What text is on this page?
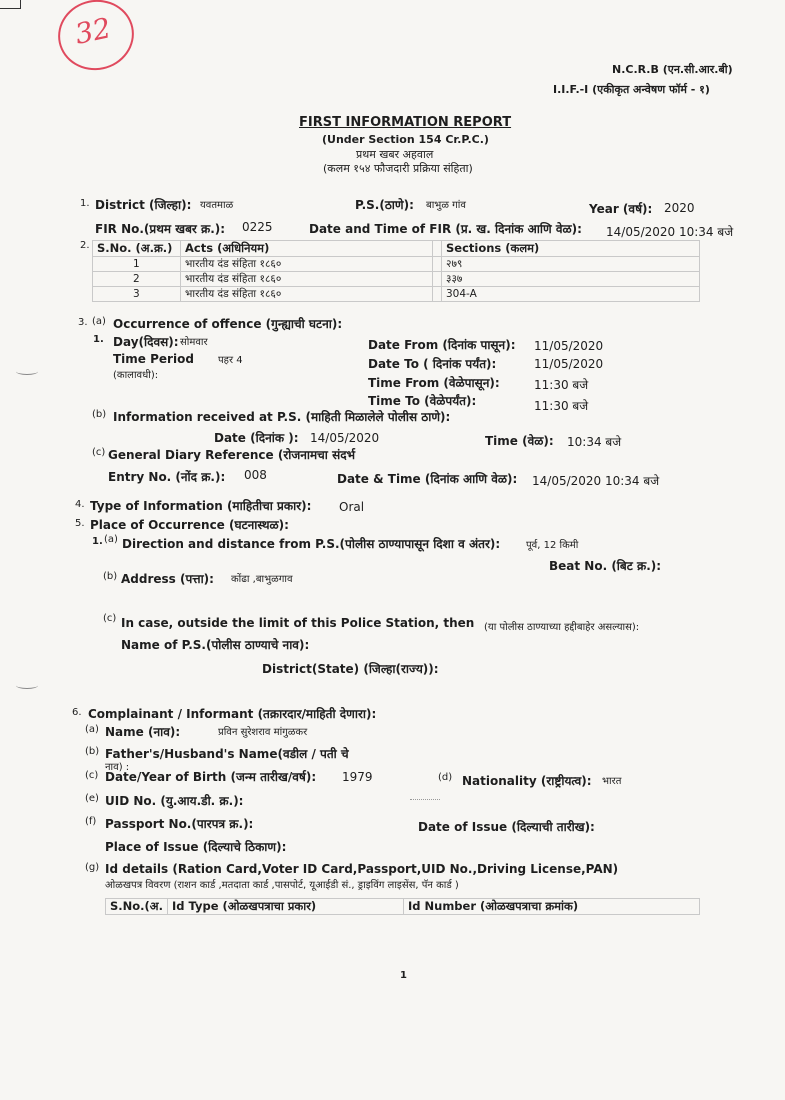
32
N.C.R.B (एन.सी.आर.बी)
I.I.F.-I (एकीकृत अन्वेषण फॉर्म - १)
FIRST INFORMATION REPORT
(Under Section 154 Cr.P.C.)
प्रथम खबर अहवाल
(कलम १५४ फौजदारी प्रक्रिया संहिता)
1. District (जिल्हा): यवतमाळ	P.S.(ठाणे): बाभुळ गांव	Year (वर्ष): 2020
FIR No.(प्रथम खबर क्र.): 0225	Date and Time of FIR (प्र. ख. दिनांक आणि वेळ): 14/05/2020 10:34 बजे
2. S.No. (अ.क्र.)	Acts (अधिनियम)		Sections (कलम)
1	भारतीय दंड संहिता १८६०		२७९
2	भारतीय दंड संहिता १८६०		३३७
3	भारतीय दंड संहिता १८६०		304-A
3. (a) Occurrence of offence (गुन्ह्याची घटना):
1. Day(दिवस): सोमवार
Time Period पहर 4
(कालावधी):
Date From (दिनांक पासून): 11/05/2020
Date To ( दिनांक पर्यंत):	11/05/2020
Time From (वेळेपासून):	11:30 बजे
Time To (वेळेपर्यंत):	11:30 बजे
(b) Information received at P.S. (माहिती मिळालेले पोलीस ठाणे):
Date (दिनांक ): 14/05/2020	Time (वेळ): 10:34 बजे
(c) General Diary Reference (रोजनामचा संदर्भ
Entry No. (नोंद क्र.): 008	Date & Time (दिनांक आणि वेळ): 14/05/2020 10:34 बजे
4. Type of Information (माहितीचा प्रकार): Oral
5. Place of Occurrence (घटनास्थळ):
1. (a) Direction and distance from P.S.(पोलीस ठाण्यापासून दिशा व अंतर):	पूर्व, 12 किमी
Beat No. (बिट क्र.):
(b) Address (पत्ता): कोंढा ,बाभुळगाव
(c) In case, outside the limit of this Police Station, then (या पोलीस ठाण्याच्या हद्दीबाहेर असल्यास):
Name of P.S.(पोलीस ठाण्याचे नाव):
District(State) (जिल्हा(राज्य)):
6. Complainant / Informant (तक्रारदार/माहिती देणारा):
(a) Name (नाव):	प्रविन सुरेशराव मांगुळकर
(b) Father's/Husband's Name(वडील / पती चे
नाव) :
(c) Date/Year of Birth (जन्म तारीख/वर्ष): 1979	(d) Nationality (राष्ट्रीयत्व): भारत
(e) UID No. (यु.आय.डी. क्र.):
(f) Passport No.(पारपत्र क्र.):	Date of Issue (दिल्याची तारीख):
Place of Issue (दिल्याचे ठिकाण):
(g) Id details (Ration Card,Voter ID Card,Passport,UID No.,Driving License,PAN)
ओळखपत्र विवरण (राशन कार्ड ,मतदाता कार्ड ,पासपोर्ट, यूआईडी सं., ड्राइविंग लाइसेंस, पॅन कार्ड )
S.No.(अ.	Id Type (ओळखपत्राचा प्रकार)	Id Number (ओळखपत्राचा क्रमांक)
1
